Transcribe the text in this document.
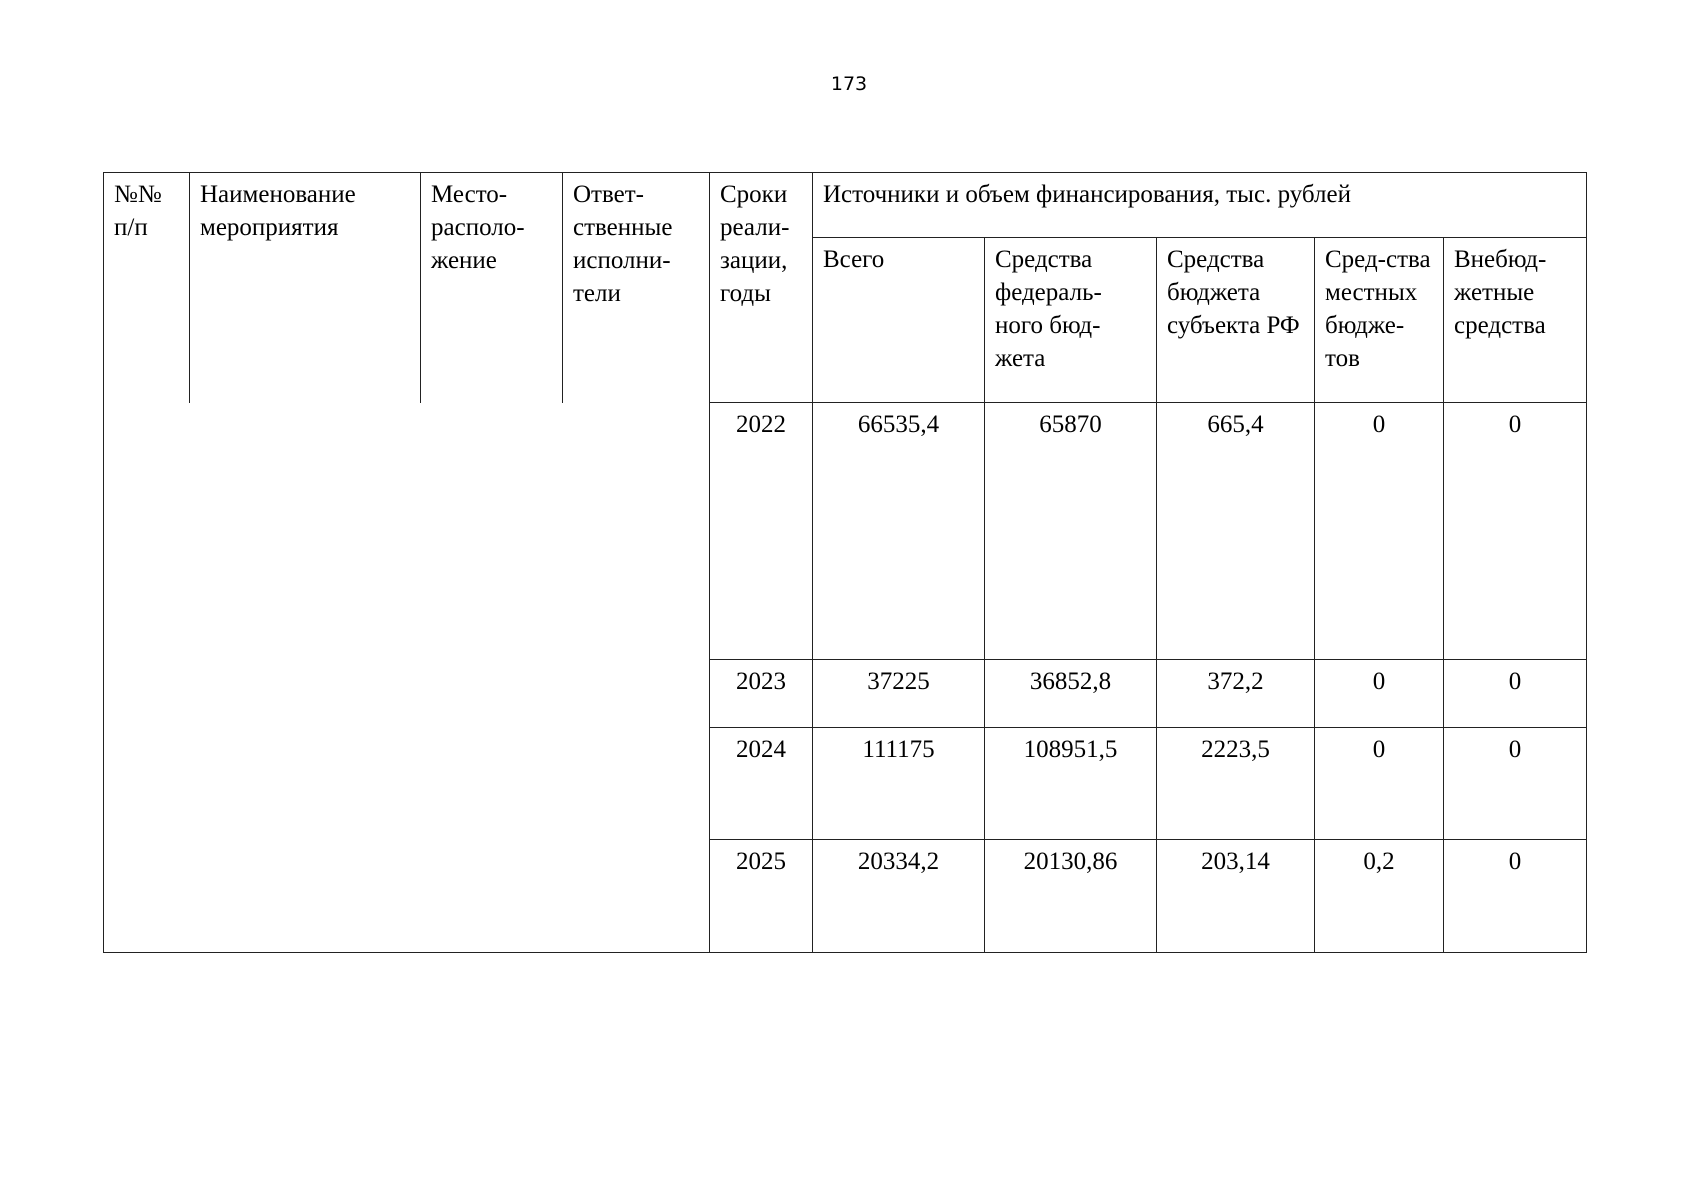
173
№№ п/п	Наименование мероприятия	Место-располо-жение	Ответ-ственные исполни-тели	Сроки реали-зации, годы	Источники и объем финансирования, тыс. рублей				
					Всего	Средства федераль-ного бюд-жета	Средства бюджета субъекта РФ	Сред-ства местных бюдже-тов	Внебюд-жетные средства
				2022	66535,4	65870	665,4	0	0
				2023	37225	36852,8	372,2	0	0
				2024	111175	108951,5	2223,5	0	0
				2025	20334,2	20130,86	203,14	0,2	0
